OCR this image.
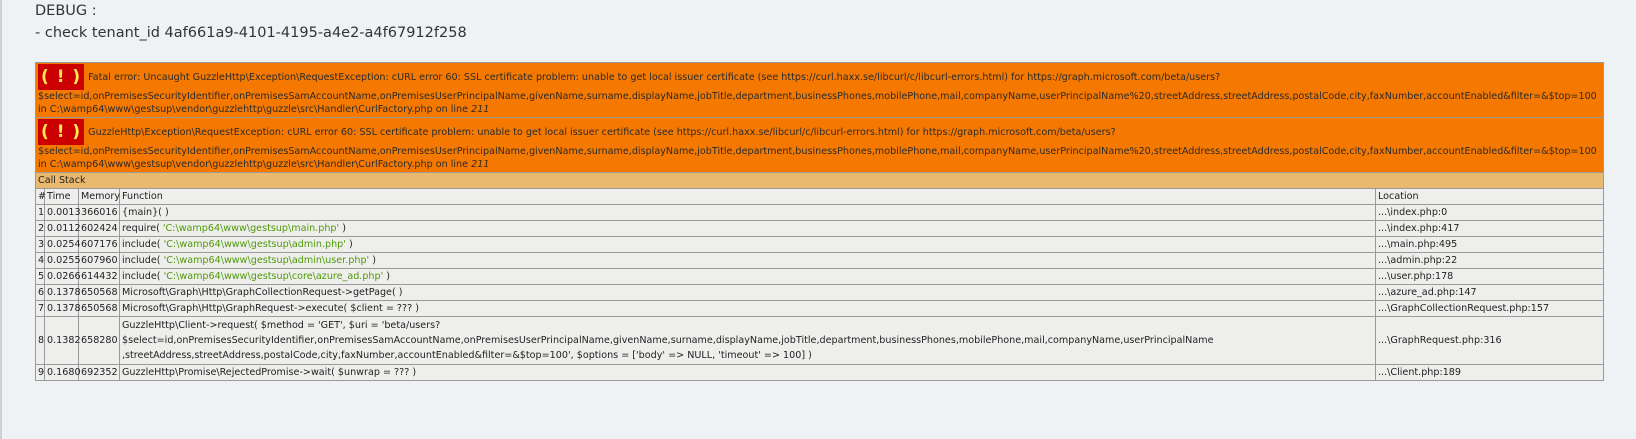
DEBUG :
- check tenant_id 4af661a9-4101-4195-a4e2-a4f67912f258
( ! ) Fatal error: Uncaught GuzzleHttp\Exception\RequestException: cURL error 60: SSL certificate problem: unable to get local issuer certificate (see https://curl.haxx.se/libcurl/c/libcurl-errors.html) for https://graph.microsoft.com/beta/users?
$select=id,onPremisesSecurityIdentifier,onPremisesSamAccountName,onPremisesUserPrincipalName,givenName,surname,displayName,jobTitle,department,businessPhones,mobilePhone,mail,companyName,userPrincipalName%20,streetAddress,streetAddress,postalCode,city,faxNumber,accountEnabled&filter=&$top=100
in C:\wamp64\www\gestsup\vendor\guzzlehttp\guzzle\src\Handler\CurlFactory.php on line 211				

( ! ) GuzzleHttp\Exception\RequestException: cURL error 60: SSL certificate problem: unable to get local issuer certificate (see https://curl.haxx.se/libcurl/c/libcurl-errors.html) for https://graph.microsoft.com/beta/users?
$select=id,onPremisesSecurityIdentifier,onPremisesSamAccountName,onPremisesUserPrincipalName,givenName,surname,displayName,jobTitle,department,businessPhones,mobilePhone,mail,companyName,userPrincipalName%20,streetAddress,streetAddress,postalCode,city,faxNumber,accountEnabled&filter=&$top=100
in C:\wamp64\www\gestsup\vendor\guzzlehttp\guzzle\src\Handler\CurlFactory.php on line 211				

Call Stack				
#	Time	Memory	Function	Location
1	0.0013	366016	{main}( )	...\index.php:0
2	0.0112	602424	require( 'C:\wamp64\www\gestsup\main.php' )	...\index.php:417
3	0.0254	607176	include( 'C:\wamp64\www\gestsup\admin.php' )	...\main.php:495
4	0.0255	607960	include( 'C:\wamp64\www\gestsup\admin\user.php' )	...\admin.php:22
5	0.0266	614432	include( 'C:\wamp64\www\gestsup\core\azure_ad.php' )	...\user.php:178
6	0.1378	650568	Microsoft\Graph\Http\GraphCollectionRequest->getPage( )	...\azure_ad.php:147
7	0.1378	650568	Microsoft\Graph\Http\GraphRequest->execute( $client = ??? )	...\GraphCollectionRequest.php:157
8	0.1382	658280	GuzzleHttp\Client->request( $method = 'GET', $uri = 'beta/users?
$select=id,onPremisesSecurityIdentifier,onPremisesSamAccountName,onPremisesUserPrincipalName,givenName,surname,displayName,jobTitle,department,businessPhones,mobilePhone,mail,companyName,userPrincipalName
,streetAddress,streetAddress,postalCode,city,faxNumber,accountEnabled&filter=&$top=100', $options = ['body' => NULL, 'timeout' => 100] )	...\GraphRequest.php:316
9	0.1680	692352	GuzzleHttp\Promise\RejectedPromise->wait( $unwrap = ??? )	...\Client.php:189
